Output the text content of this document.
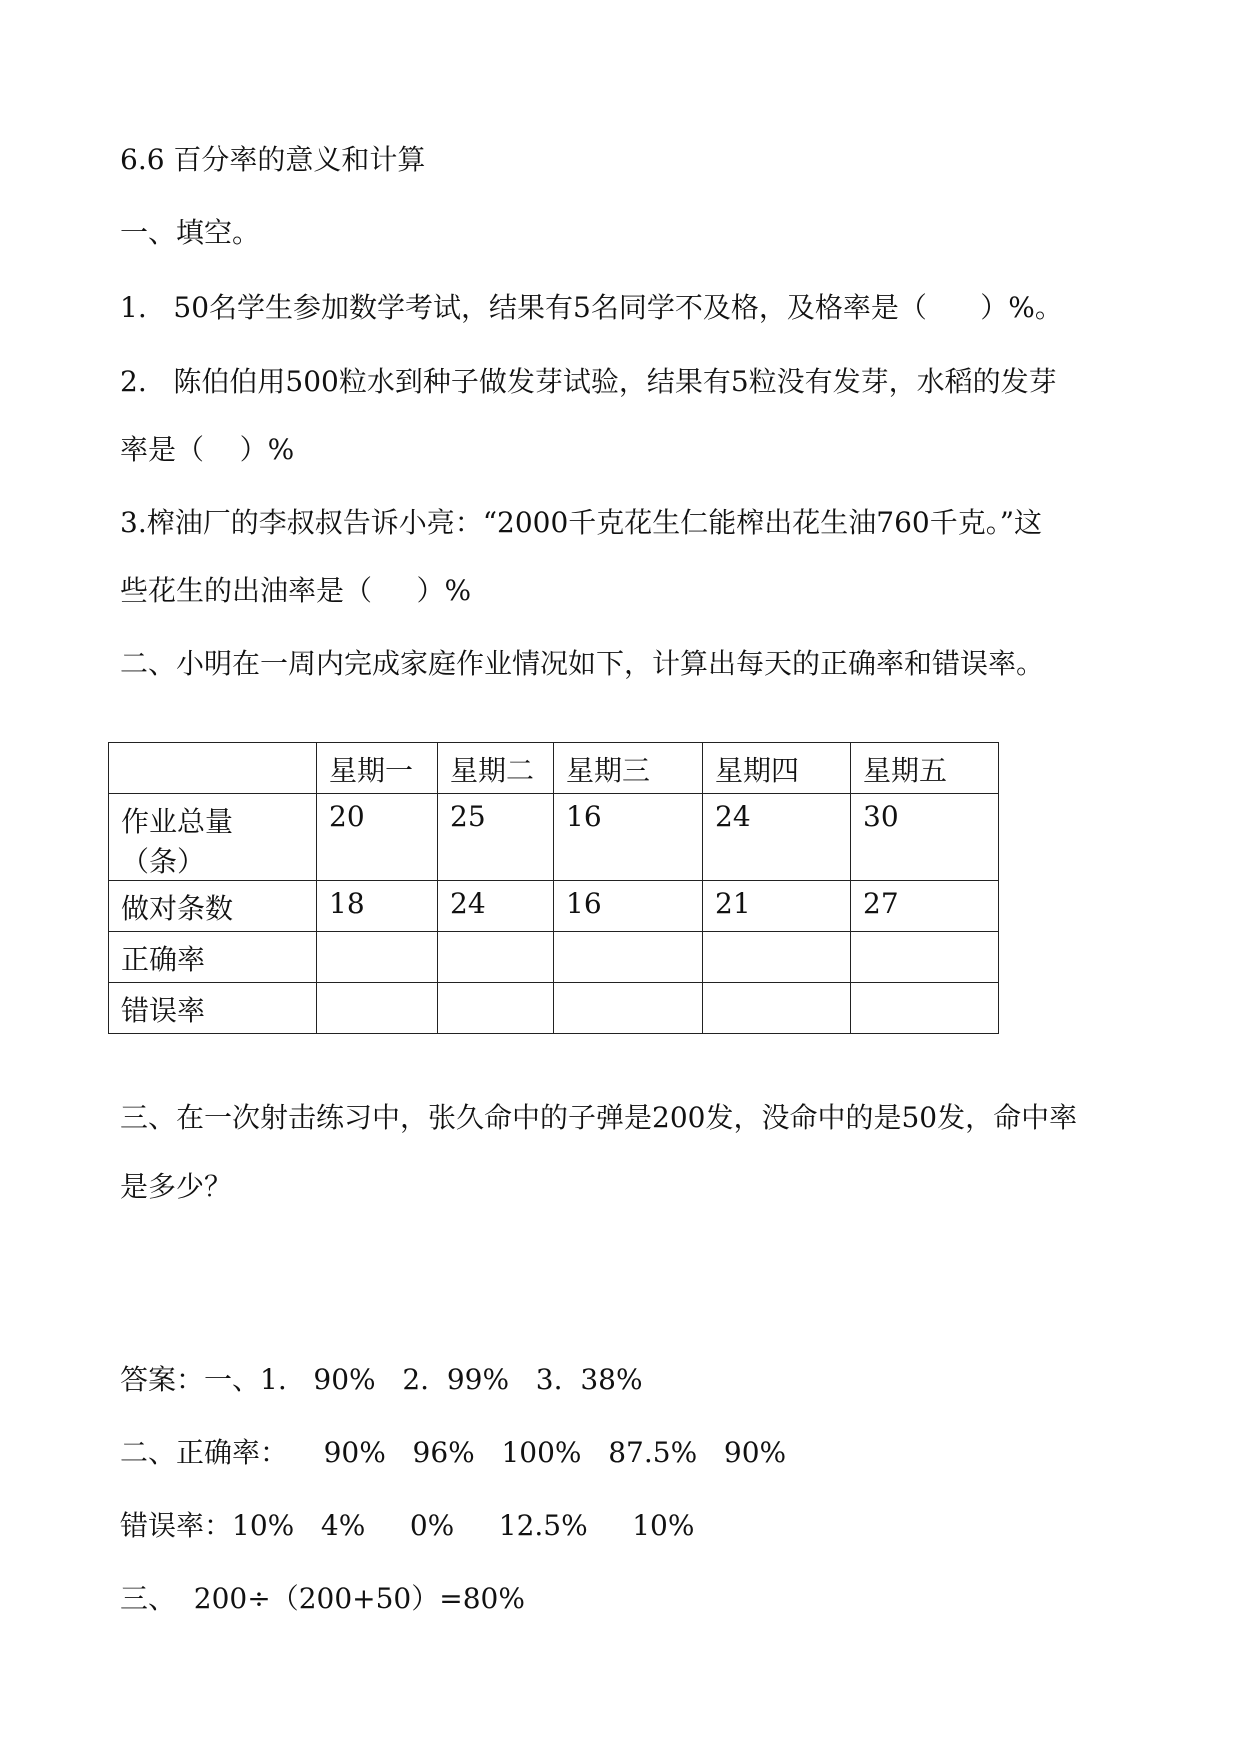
6.6 百分率的意义和计算
一、填空。
1.   50名学生参加数学考试，结果有5名同学不及格，及格率是（      ）%。
2.   陈伯伯用500粒水到种子做发芽试验，结果有5粒没有发芽，水稻的发芽
率是（    ）%
3.榨油厂的李叔叔告诉小亮：“2000千克花生仁能榨出花生油760千克。”这
些花生的出油率是（     ）%
二、小明在一周内完成家庭作业情况如下，计算出每天的正确率和错误率。
	星期一	星期二	星期三	星期四	星期五
作业总量
（条）	20	25	16	24	30
做对条数	18	24	16	21	27
正确率					
错误率					
三、在一次射击练习中，张久命中的子弹是200发，没命中的是50发，命中率
是多少？
答案：一、1.   90%   2.  99%   3.  38%
二、正确率：    90%   96%   100%   87.5%   90%
错误率：10%   4%     0%     12.5%     10%
三、  200÷（200+50）=80%
